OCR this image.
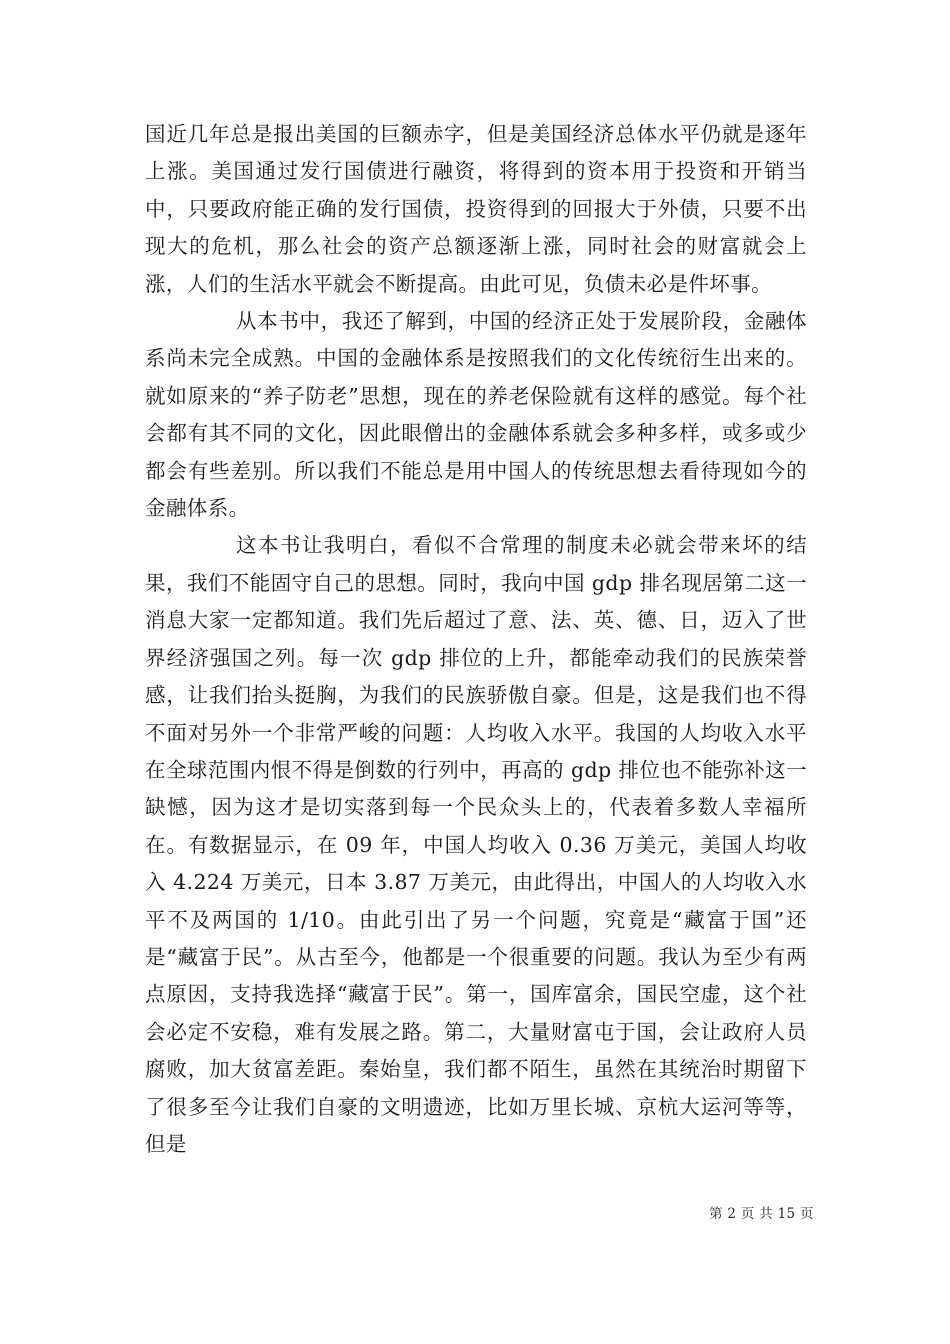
国近几年总是报出美国的巨额赤字，但是美国经济总体水平仍就是逐年上涨。美国通过发行国债进行融资，将得到的资本用于投资和开销当中，只要政府能正确的发行国债，投资得到的回报大于外债，只要不出现大的危机，那么社会的资产总额逐渐上涨，同时社会的财富就会上涨，人们的生活水平就会不断提高。由此可见，负债未必是件坏事。

从本书中，我还了解到，中国的经济正处于发展阶段，金融体系尚未完全成熟。中国的金融体系是按照我们的文化传统衍生出来的。就如原来的“养子防老”思想，现在的养老保险就有这样的感觉。每个社会都有其不同的文化，因此眼僧出的金融体系就会多种多样，或多或少都会有些差别。所以我们不能总是用中国人的传统思想去看待现如今的金融体系。

这本书让我明白，看似不合常理的制度未必就会带来坏的结果，我们不能固守自己的思想。同时，我向中国 gdp 排名现居第二这一消息大家一定都知道。我们先后超过了意、法、英、德、日，迈入了世界经济强国之列。每一次 gdp 排位的上升，都能牵动我们的民族荣誉感，让我们抬头挺胸，为我们的民族骄傲自豪。但是，这是我们也不得不面对另外一个非常严峻的问题：人均收入水平。我国的人均收入水平在全球范围内恨不得是倒数的行列中，再高的 gdp 排位也不能弥补这一缺憾，因为这才是切实落到每一个民众头上的，代表着多数人幸福所在。有数据显示，在 09 年，中国人均收入 0.36 万美元，美国人均收入 4.224 万美元，日本 3.87 万美元，由此得出，中国人的人均收入水平不及两国的 1/10。由此引出了另一个问题，究竟是“藏富于国”还是“藏富于民”。从古至今，他都是一个很重要的问题。我认为至少有两点原因，支持我选择“藏富于民”。第一，国库富余，国民空虚，这个社会必定不安稳，难有发展之路。第二，大量财富屯于国，会让政府人员腐败，加大贫富差距。秦始皇，我们都不陌生，虽然在其统治时期留下了很多至今让我们自豪的文明遗迹，比如万里长城、京杭大运河等等，但是

第 2 页 共 15 页
